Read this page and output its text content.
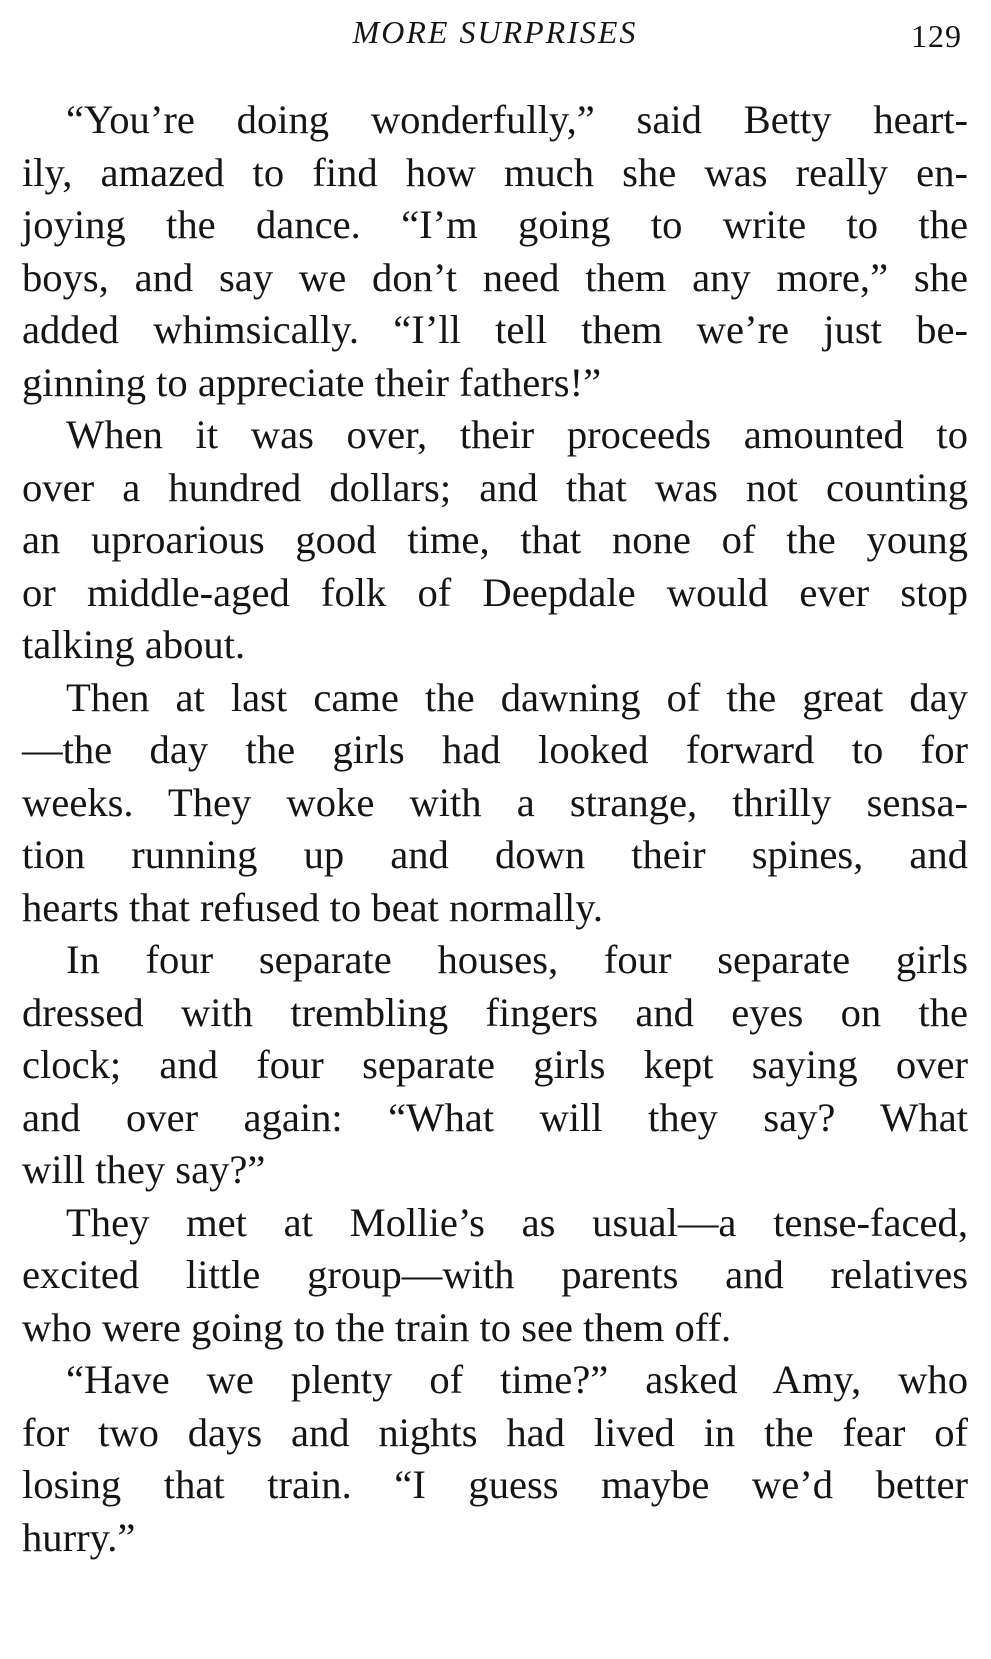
MORE SURPRISES	129
“You’re doing wonderfully,” said Betty heart-
ily, amazed to find how much she was really en-
joying the dance. “I’m going to write to the
boys, and say we don’t need them any more,” she
added whimsically. “I’ll tell them we’re just be-
ginning to appreciate their fathers!”
When it was over, their proceeds amounted to
over a hundred dollars; and that was not counting
an uproarious good time, that none of the young
or middle-aged folk of Deepdale would ever stop
talking about.
Then at last came the dawning of the great day
—the day the girls had looked forward to for
weeks. They woke with a strange, thrilly sensa-
tion running up and down their spines, and
hearts that refused to beat normally.
In four separate houses, four separate girls
dressed with trembling fingers and eyes on the
clock; and four separate girls kept saying over
and over again: “What will they say? What
will they say?”
They met at Mollie’s as usual—a tense-faced,
excited little group—with parents and relatives
who were going to the train to see them off.
“Have we plenty of time?” asked Amy, who
for two days and nights had lived in the fear of
losing that train. “I guess maybe we’d better
hurry.”
